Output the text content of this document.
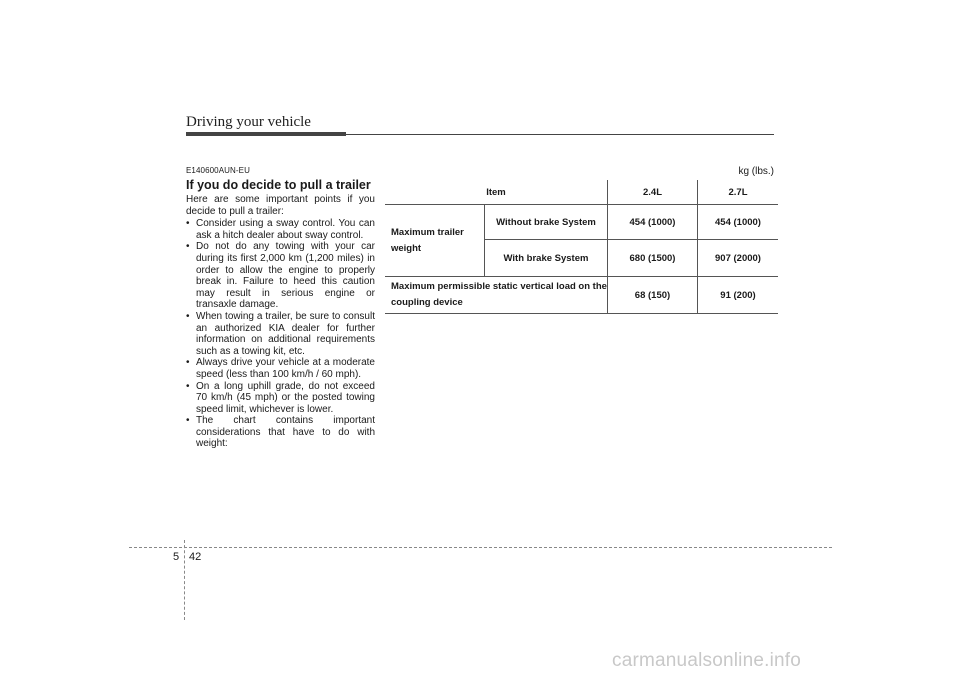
Driving your vehicle
E140600AUN-EU
If you do decide to pull a trailer

Here are some important points if you decide to pull a trailer:

• Consider using a sway control. You can ask a hitch dealer about sway control.
• Do not do any towing with your car during its first 2,000 km (1,200 miles) in order to allow the engine to properly break in. Failure to heed this caution may result in serious engine or transaxle damage.
• When towing a trailer, be sure to consult an authorized KIA dealer for further information on additional requirements such as a towing kit, etc.
• Always drive your vehicle at a moderate speed (less than 100 km/h / 60 mph).
• On a long uphill grade, do not exceed 70 km/h (45 mph) or the posted towing speed limit, whichever is lower.
• The chart contains important considerations that have to do with weight:
kg (lbs.)
Item		2.4L	2.7L
Maximum trailer weight	Without brake System	454 (1000)	454 (1000)
	With brake System	680 (1500)	907 (2000)
Maximum permissible static vertical load on the coupling device		68 (150)	91 (200)
5 42
carmanualsonline.info
